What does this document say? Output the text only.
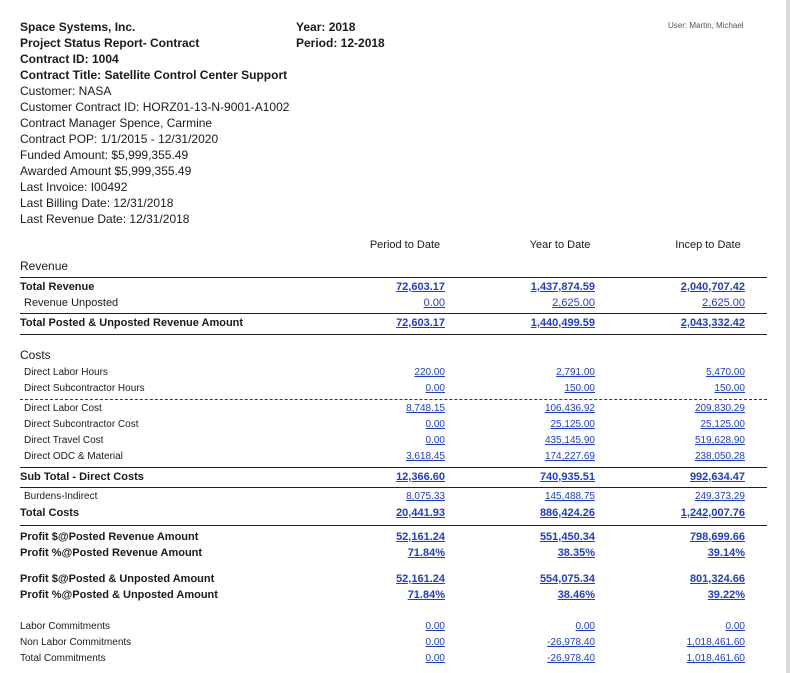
User: Martin, Michael
Space Systems, Inc.
Project Status Report- Contract
Contract ID: 1004
Contract Title: Satellite Control Center Support
Customer: NASA
Customer Contract ID: HORZ01-13-N-9001-A1002
Contract Manager Spence, Carmine
Contract POP: 1/1/2015 - 12/31/2020
Funded Amount: $5,999,355.49
Awarded Amount $5,999,355.49
Last Invoice: I00492
Last Billing Date: 12/31/2018
Last Revenue Date: 12/31/2018
Year: 2018
Period: 12-2018
Period to Date	Year to Date	Incep to Date
Revenue
Total Revenue	72,603.17	1,437,874.59	2,040,707.42
Revenue Unposted	0.00	2,625.00	2,625.00
Total Posted & Unposted Revenue Amount	72,603.17	1,440,499.59	2,043,332.42
Costs
Direct Labor Hours	220.00	2,791.00	5,470.00
Direct Subcontractor Hours	0.00	150.00	150.00
Direct Labor Cost	8,748.15	106,436.92	209,830.29
Direct Subcontractor Cost	0.00	25,125.00	25,125.00
Direct Travel Cost	0.00	435,145.90	519,628.90
Direct ODC & Material	3,618.45	174,227.69	238,050.28
Sub Total - Direct Costs	12,366.60	740,935.51	992,634.47
Burdens-Indirect	8,075.33	145,488.75	249,373.29
Total Costs	20,441.93	886,424.26	1,242,007.76
Profit $@Posted Revenue Amount	52,161.24	551,450.34	798,699.66
Profit %@Posted Revenue Amount	71.84%	38.35%	39.14%
Profit $@Posted & Unposted Amount	52,161.24	554,075.34	801,324.66
Profit %@Posted & Unposted Amount	71.84%	38.46%	39.22%
Labor Commitments	0.00	0.00	0.00
Non Labor Commitments	0.00	-26,978.40	1,018,461.60
Total Commitments	0.00	-26,978.40	1,018,461.60
